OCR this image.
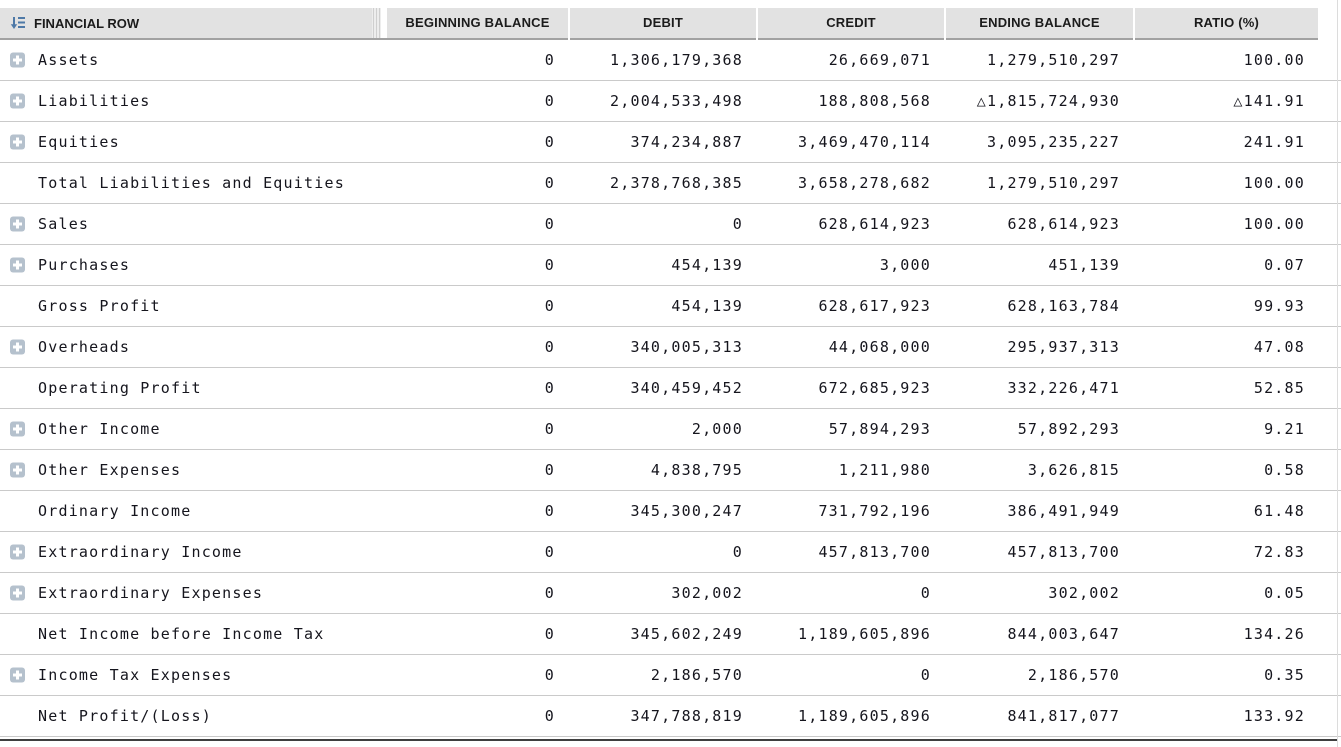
FINANCIAL ROW	BEGINNING BALANCE	DEBIT	CREDIT	ENDING BALANCE	RATIO (%)
Assets	0	1,306,179,368	26,669,071	1,279,510,297	100.00
Liabilities	0	2,004,533,498	188,808,568	△1,815,724,930	△141.91
Equities	0	374,234,887	3,469,470,114	3,095,235,227	241.91
Total Liabilities and Equities	0	2,378,768,385	3,658,278,682	1,279,510,297	100.00
Sales	0	0	628,614,923	628,614,923	100.00
Purchases	0	454,139	3,000	451,139	0.07
Gross Profit	0	454,139	628,617,923	628,163,784	99.93
Overheads	0	340,005,313	44,068,000	295,937,313	47.08
Operating Profit	0	340,459,452	672,685,923	332,226,471	52.85
Other Income	0	2,000	57,894,293	57,892,293	9.21
Other Expenses	0	4,838,795	1,211,980	3,626,815	0.58
Ordinary Income	0	345,300,247	731,792,196	386,491,949	61.48
Extraordinary Income	0	0	457,813,700	457,813,700	72.83
Extraordinary Expenses	0	302,002	0	302,002	0.05
Net Income before Income Tax	0	345,602,249	1,189,605,896	844,003,647	134.26
Income Tax Expenses	0	2,186,570	0	2,186,570	0.35
Net Profit/(Loss)	0	347,788,819	1,189,605,896	841,817,077	133.92
